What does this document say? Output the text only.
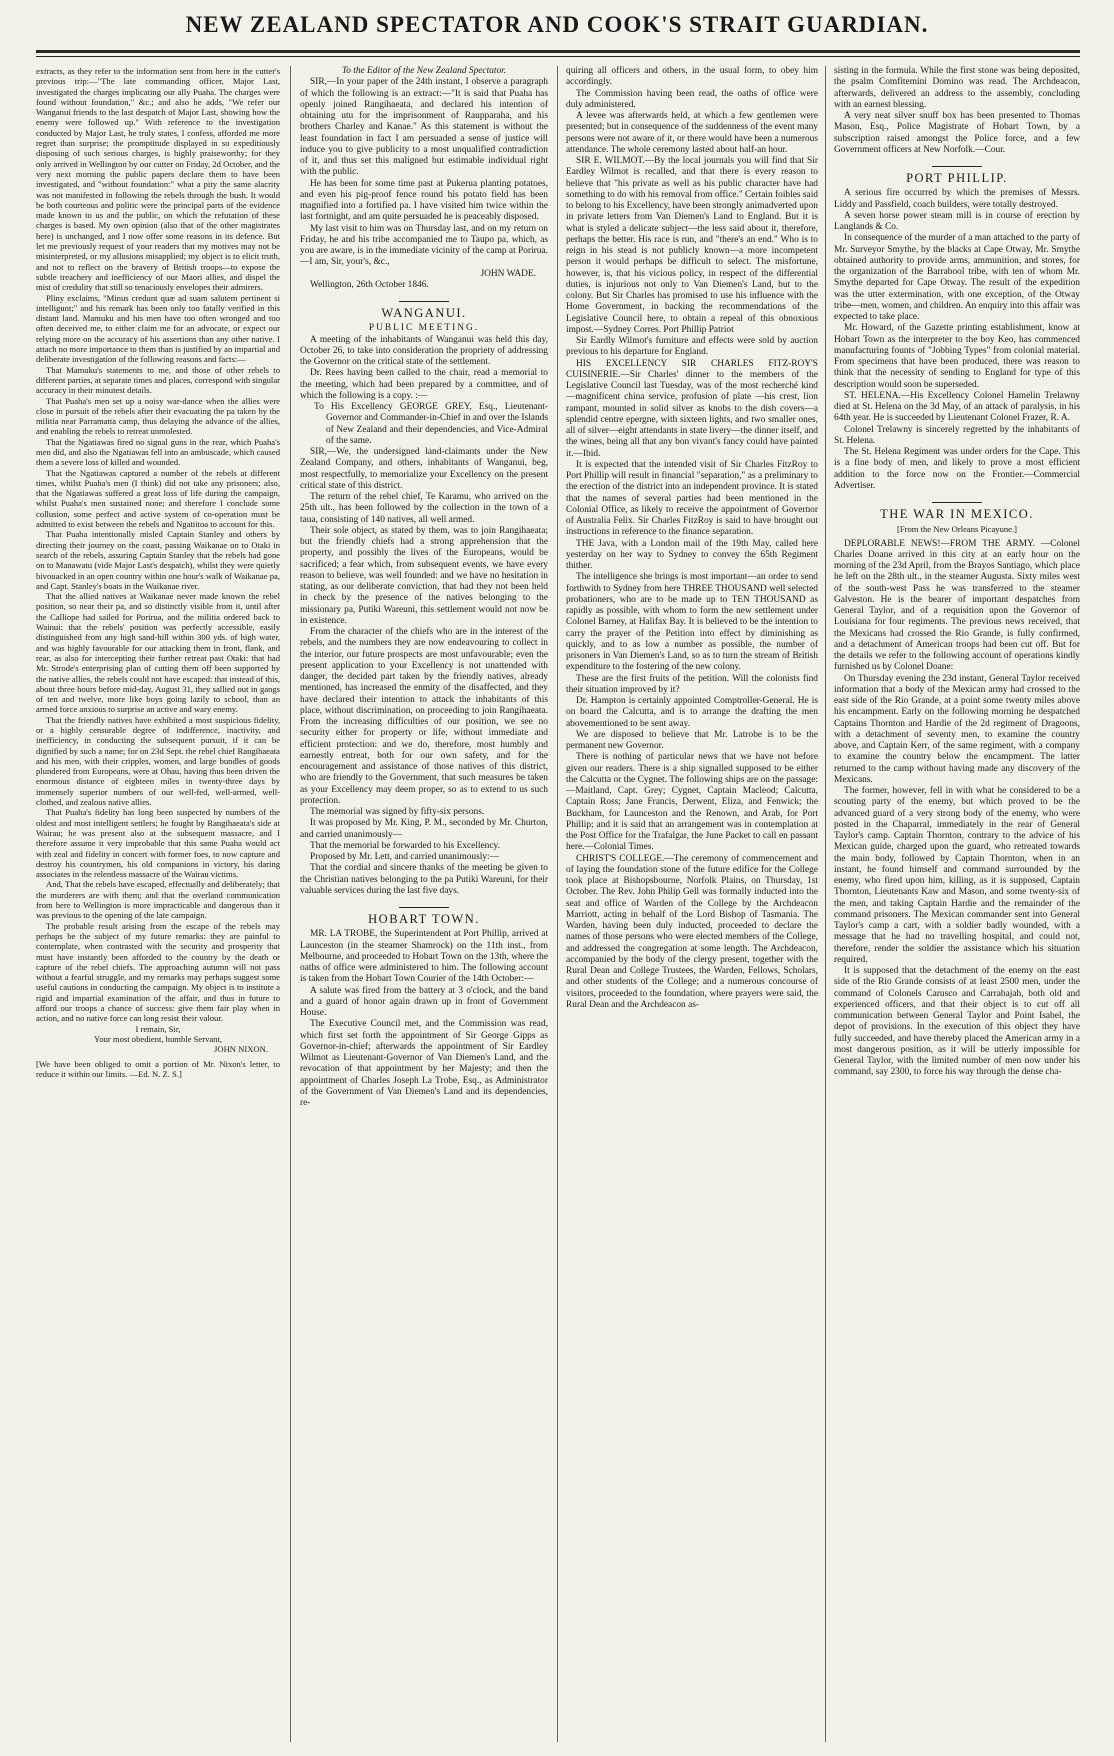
NEW ZEALAND SPECTATOR AND COOK'S STRAIT GUARDIAN.

extracts, as they refer to the information sent from here in the cutter's previous trip:—"The late commanding officer, Major Last, investigated the charges implicating our ally Puaha. The charges were found without foundation," &c.; and also he adds, "We refer our Wanganui friends to the last despatch of Major Last, showing how the enemy were followed up." With reference to the investigation conducted by Major Last, he truly states, I confess, afforded me more regret than surprise; the promptitude displayed in so expeditiously disposing of such serious charges, is highly praiseworthy; for they only arrived in Wellington by our cutter on Friday, 2d October, and the very next morning the public papers declare them to have been investigated, and "without foundation:" what a pity the same alacrity was not manifested in following the rebels through the bush. It would be both courteous and politic were the principal parts of the evidence made known to us and the public, on which the refutation of these charges is based. My own opinion (also that of the other magistrates here) is unchanged, and I now offer some reasons in its defence. But let me previously request of your readers that my motives may not be misinterpreted, or my allusions misapplied; my object is to elicit truth, and not to reflect on the bravery of British troops—to expose the subtle treachery and inefficiency of our Maori allies, and dispel the mist of credulity that still so tenaciously envelopes their admirers.

Pliny exclaims, "Minus credunt quæ ad suam salutem pertinent si intelligunt;" and his remark has been only too fatally verified in this distant land. Mamuku and his men have too often wronged and too often deceived me, to either claim me for an advocate, or expect our relying more on the accuracy of his assertions than any other native. I attach no more importance to them than is justified by an impartial and deliberate investigation of the following reasons and facts:—

That Mamuku's statements to me, and those of other rebels to different parties, at separate times and places, correspond with singular accuracy in their minutest details.

That Puaha's men set up a noisy war-dance when the allies were close in pursuit of the rebels after their evacuating the pa taken by the militia near Parramatta camp, thus delaying the advance of the allies, and enabling the rebels to retreat unmolested.

That the Ngatiawas fired no signal guns in the rear, which Puaha's men did, and also the Ngatiawas fell into an ambuscade, which caused them a severe loss of killed and wounded.

That the Ngatiawas captured a number of the rebels at different times, whilst Puaha's men (I think) did not take any prisoners; also, that the Ngatiawas suffered a great loss of life during the campaign, whilst Puaha's men sustained none; and therefore I conclude some collusion, some perfect and active system of co-operation must be admitted to exist between the rebels and Ngatiitoa to account for this.

That Puaha intentionally misled Captain Stanley and others by directing their journey on the coast, passing Waikanae on to Otaki in search of the rebels, assuring Captain Stanley that the rebels had gone on to Manawatu (vide Major Last's despatch), whilst they were quietly bivouacked in an open country within one hour's walk of Waikanae pa, and Capt. Stanley's boats in the Waikanae river.

That the allied natives at Waikanae never made known the rebel position, so near their pa, and so distinctly visible from it, until after the Calliope had sailed for Porirua, and the militia ordered back to Wainui: that the rebels' position was perfectly accessible, easily distinguished from any high sand-hill within 300 yds. of high water, and was highly favourable for our attacking them in front, flank, and rear, as also for intercepting their further retreat past Otaki: that had Mr. Strode's enterprising plan of cutting them off been supported by the native allies, the rebels could not have escaped: that instead of this, about three hours before mid-day, August 31, they sallied out in gangs of ten and twelve, more like boys going lazily to school, than an armed force anxious to surprise an active and wary enemy.

That the friendly natives have exhibited a most suspicious fidelity, or a highly censurable degree of indifference, inactivity, and inefficiency, in conducting the subsequent pursuit, if it can be dignified by such a name; for on 23d Sept. the rebel chief Rangihaeata and his men, with their cripples, women, and large bundles of goods plundered from Europeans, were at Ohau, having thus been driven the enormous distance of eighteen miles in twenty-three days by immensely superior numbers of our well-fed, well-armed, well-clothed, and zealous native allies.

That Puaha's fidelity has long been suspected by numbers of the oldest and most intelligent settlers; he fought by Rangihaeata's side at Wairau; he was present also at the subsequent massacre, and I therefore assume it very improbable that this same Puaha would act with zeal and fidelity in concert with former foes, to now capture and destroy his countrymen, his old companions in victory, his daring associates in the relentless massacre of the Wairau victims.

And, That the rebels have escaped, effectually and deliberately; that the murderers are with them; and that the overland communication from here to Wellington is more impracticable and dangerous than it was previous to the opening of the late campaign.

The probable result arising from the escape of the rebels may perhaps be the subject of my future remarks: they are painful to contemplate, when contrasted with the security and prosperity that must have instantly been afforded to the country by the death or capture of the rebel chiefs. The approaching autumn will not pass without a fearful struggle, and my remarks may perhaps suggest some useful cautions in conducting the campaign. My object is to institute a rigid and impartial examination of the affair, and thus in future to afford our troops a chance of success: give them fair play when in action, and no native force can long resist their valour.

I remain, Sir,

Your most obedient, humble Servant,

JOHN NIXON.

[We have been obliged to omit a portion of Mr. Nixon's letter, to reduce it within our limits. —Ed. N. Z. S.]

To the Editor of the New Zealand Spectator.

SIR,—In your paper of the 24th instant, I observe a paragraph of which the following is an extract:—"It is said that Puaha has openly joined Rangihaeata, and declared his intention of obtaining utu for the imprisonment of Raupparaha, and his brothers Charley and Kanae." As this statement is without the least foundation in fact I am persuaded a sense of justice will induce you to give publicity to a most unqualified contradiction of it, and thus set this maligned but estimable individual right with the public.

He has been for some time past at Pukerua planting potatoes, and even his pig-proof fence round his potato field has been magnified into a fortified pa. I have visited him twice within the last fortnight, and am quite persuaded he is peaceably disposed.

My last visit to him was on Thursday last, and on my return on Friday, he and his tribe accompanied me to Taupo pa, which, as you are aware, is in the immediate vicinity of the camp at Porirua.—I am, Sir, your's, &c.,

JOHN WADE.

Wellington, 26th October 1846.

WANGANUI.

PUBLIC MEETING.

A meeting of the inhabitants of Wanganui was held this day, October 26, to take into consideration the propriety of addressing the Governor on the critical state of the settlement.

Dr. Rees having been called to the chair, read a memorial to the meeting, which had been prepared by a committee, and of which the following is a copy. :—

To His Excellency GEORGE GREY, Esq., Lieutenant-Governor and Commander-in-Chief in and over the Islands of New Zealand and their dependencies, and Vice-Admiral of the same.

SIR,—We, the undersigned land-claimants under the New Zealand Company, and others, inhabitants of Wanganui, beg, most respectfully, to memorialize your Excellency on the present critical state of this district.

The return of the rebel chief, Te Karamu, who arrived on the 25th ult., has been followed by the collection in the town of a taua, consisting of 140 natives, all well armed.

Their sole object, as stated by them, was to join Rangihaeata; but the friendly chiefs had a strong apprehension that the property, and possibly the lives of the Europeans, would be sacrificed; a fear which, from subsequent events, we have every reason to believe, was well founded: and we have no hesitation in stating, as our deliberate conviction, that had they not been held in check by the presence of the natives belonging to the missionary pa, Putiki Wareuni, this settlement would not now be in existence.

From the character of the chiefs who are in the interest of the rebels, and the numbers they are now endeavouring to collect in the interior, our future prospects are most unfavourable; even the present application to your Excellency is not unattended with danger, the decided part taken by the friendly natives, already mentioned, has increased the enmity of the disaffected, and they have declared their intention to attack the inhabitants of this place, without discrimination, on proceeding to join Rangihaeata. From the increasing difficulties of our position, we see no security either for property or life, without immediate and efficient protection: and we do, therefore, most humbly and earnestly entreat, both for our own safety, and for the encouragement and assistance of those natives of this district, who are friendly to the Government, that such measures be taken as your Excellency may deem proper, so as to extend to us such protection.

The memorial was signed by fifty-six persons.

It was proposed by Mr. King, P. M., seconded by Mr. Churton, and carried unanimously—

That the memorial be forwarded to his Excellency.

Proposed by Mr. Lett, and carried unanimously:—

That the cordial and sincere thanks of the meeting be given to the Christian natives belonging to the pa Putiki Wareuni, for their valuable services during the last five days.

HOBART TOWN.

MR. LA TROBE, the Superintendent at Port Phillip, arrived at Launceston (in the steamer Shamrock) on the 11th inst., from Melbourne, and proceeded to Hobart Town on the 13th, where the oaths of office were administered to him. The following account is taken from the Hobart Town Courier of the 14th October:—

A salute was fired from the battery at 3 o'clock, and the band and a guard of honor again drawn up in front of Government House.

The Executive Council met, and the Commission was read, which first set forth the appointment of Sir George Gipps as Governor-in-chief; afterwards the appointment of Sir Eardley Wilmot as Lieutenant-Governor of Van Diemen's Land, and the revocation of that appointment by her Majesty; and then the appointment of Charles Joseph La Trobe, Esq., as Administrator of the Government of Van Diemen's Land and its dependencies, re-

quiring all officers and others, in the usual form, to obey him accordingly.

The Commission having been read, the oaths of office were duly administered.

A levee was afterwards held, at which a few gentlemen were presented; but in consequence of the suddenness of the event many persons were not aware of it, or there would have been a numerous attendance. The whole ceremony lasted about half-an hour.

SIR E. WILMOT.—By the local journals you will find that Sir Eardley Wilmot is recalled, and that there is every reason to believe that "his private as well as his public character have had something to do with his removal from office." Certain foibles said to belong to his Excellency, have been strongly animadverted upon in private letters from Van Diemen's Land to England. But it is what is styled a delicate subject—the less said about it, therefore, perhaps the better. His race is run, and "there's an end." Who is to reign in his stead is not publicly known—a more incompetent person it would perhaps be difficult to select. The misfortune, however, is, that his vicious policy, in respect of the differential duties, is injurious not only to Van Diemen's Land, but to the colony. But Sir Charles has promised to use his influence with the Home Government, in backing the recommendations of the Legislative Council here, to obtain a repeal of this obnoxious impost.—Sydney Corres. Port Phillip Patriot

Sir Eardly Wilmot's furniture and effects were sold by auction previous to his departure for England.

HIS EXCELLENCY SIR CHARLES FITZ-ROY'S CUISINERIE.—Sir Charles' dinner to the members of the Legislative Council last Tuesday, was of the most recherché kind—magnificent china service, profusion of plate —his crest, lion rampant, mounted in solid silver as knobs to the dish covers—a splendid centre epergne, with sixteen lights, and two smaller ones, all of silver—eight attendants in state livery—the dinner itself, and the wines, being all that any bon vivant's fancy could have painted it.—Ibid.

It is expected that the intended visit of Sir Charles FitzRoy to Port Phillip will result in financial "separation," as a preliminary to the erection of the district into an independent province. It is stated that the names of several parties had been mentioned in the Colonial Office, as likely to receive the appointment of Governor of Australia Felix. Sir Charles FitzRoy is said to have brought out instructions in reference to the finance separation.

THE Java, with a London mail of the 19th May, called here yesterday on her way to Sydney to convey the 65th Regiment thither.

The intelligence she brings is most important—an order to send forthwith to Sydney from here THREE THOUSAND well selected probationers, who are to be made up to TEN THOUSAND as rapidly as possible, with whom to form the new settlement under Colonel Barney, at Halifax Bay. It is believed to be the intention to carry the prayer of the Petition into effect by diminishing as quickly, and to as low a number as possible, the number of prisoners in Van Diemen's Land, so as to turn the stream of British expenditure to the fostering of the new colony.

These are the first fruits of the petition. Will the colonists find their situation improved by it?

Dr. Hampton is certainly appointed Comptroller-General. He is on board the Calcutta, and is to arrange the drafting the men abovementioned to be sent away.

We are disposed to believe that Mr. Latrobe is to be the permanent new Governor.

There is nothing of particular news that we have not before given our readers. There is a ship signalled supposed to be either the Calcutta or the Cygnet. The following ships are on the passage:—Maitland, Capt. Grey; Cygnet, Captain Macleod; Calcutta, Captain Ross; Jane Francis, Derwent, Eliza, and Fenwick; the Buckham, for Launceston and the Renown, and Arab, for Port Phillip; and it is said that an arrangement was in contemplation at the Post Office for the Trafalgar, the June Packet to call en passant here.—Colonial Times.

CHRIST'S COLLEGE.—The ceremony of commencement and of laying the foundation stone of the future edifice for the College took place at Bishopsbourne, Norfolk Plains, on Thursday, 1st October. The Rev. John Philip Gell was formally inducted into the seat and office of Warden of the College by the Archdeacon Marriott, acting in behalf of the Lord Bishop of Tasmania. The Warden, having been duly inducted, proceeded to declare the names of those persons who were elected members of the College, and addressed the congregation at some length. The Archdeacon, accompanied by the body of the clergy present, together with the Rural Dean and College Trustees, the Warden, Fellows, Scholars, and other students of the College; and a numerous concourse of visitors, proceeded to the foundation, where prayers were said, the Rural Dean and the Archdeacon as-

sisting in the formula. While the first stone was being deposited, the psalm Comfitemini Domino was read. The Archdeacon, afterwards, delivered an address to the assembly, concluding with an earnest blessing.

A very neat silver snuff box has been presented to Thomas Mason, Esq., Police Magistrate of Hobart Town, by a subscription raised amongst the Police force, and a few Government officers at New Norfolk.—Cour.

PORT PHILLIP.

A serious fire occurred by which the premises of Messrs. Liddy and Passfield, coach builders, were totally destroyed.

A seven horse power steam mill is in course of erection by Langlands & Co.

In consequence of the murder of a man attached to the party of Mr. Surveyor Smythe, by the blacks at Cape Otway, Mr. Smythe obtained authority to provide arms, ammunition, and stores, for the organization of the Barrabool tribe, with ten of whom Mr. Smythe departed for Cape Otway. The result of the expedition was the utter extermination, with one exception, of the Otway tribe—men, women, and children. An enquiry into this affair was expected to take place.

Mr. Howard, of the Gazette printing establishment, know at Hobart Town as the interpreter to the boy Keo, has commenced manufacturing founts of "Jobbing Types" from colonial material. From specimens that have been produced, there was reason to think that the necessity of sending to England for type of this description would soon be superseded.

ST. HELENA.—His Excellency Colonel Hamelin Trelawny died at St. Helena on the 3d May, of an attack of paralysis, in his 64th year. He is succeeded by Lieutenant Colonel Frazer, R. A.

Colonel Trelawny is sincerely regretted by the inhabitants of St. Helena.

The St. Helena Regiment was under orders for the Cape. This is a fine body of men, and likely to prove a most efficient addition to the force now on the Frontier.—Commercial Advertiser.

THE WAR IN MEXICO.

[From the New Orleans Picayune.]

DEPLORABLE NEWS!—FROM THE ARMY. —Colonel Charles Doane arrived in this city at an early hour on the morning of the 23d April, from the Brayos Santiago, which place he left on the 28th ult., in the steamer Augusta. Sixty miles west of the south-west Pass he was transferred to the steamer Galveston. He is the bearer of important despatches from General Taylor, and of a requisition upon the Governor of Louisiana for four regiments. The previous news received, that the Mexicans had crossed the Rio Grande, is fully confirmed, and a detachment of American troops had been cut off. But for the details we refer to the following account of operations kindly furnished us by Colonel Doane:

On Thursday evening the 23d instant, General Taylor received information that a body of the Mexican army had crossed to the east side of the Rio Grande, at a point some twenty miles above his encampment. Early on the following morning he despatched Captains Thornton and Hardie of the 2d regiment of Dragoons, with a detachment of seventy men, to examine the country above, and Captain Kerr, of the same regiment, with a company to examine the country below the encampment. The latter returned to the camp without having made any discovery of the Mexicans.

The former, however, fell in with what he considered to be a scouting party of the enemy, but which proved to be the advanced guard of a very strong body of the enemy, who were posted in the Chaparral, immediately in the rear of General Taylor's camp. Captain Thornton, contrary to the advice of his Mexican guide, charged upon the guard, who retreated towards the main body, followed by Captain Thornton, when in an instant, he found himself and command surrounded by the enemy, who fired upon him, killing, as it is supposed, Captain Thornton, Lieutenants Kaw and Mason, and some twenty-six of the men, and taking Captain Hardie and the remainder of the command prisoners. The Mexican commander sent into General Taylor's camp a cart, with a soldier badly wounded, with a message that he had no travelling hospital, and could not, therefore, render the soldier the assistance which his situation required.

It is supposed that the detachment of the enemy on the east side of the Rio Grande consists of at least 2500 men, under the command of Colonels Carusco and Carrabajah, both old and experienced officers, and that their object is to cut off all communication between General Taylor and Point Isabel, the depot of provisions. In the execution of this object they have fully succeeded, and have thereby placed the American army in a most dangerous position, as it will be utterly impossible for General Taylor, with the limited number of men now under his command, say 2300, to force his way through the dense cha-
